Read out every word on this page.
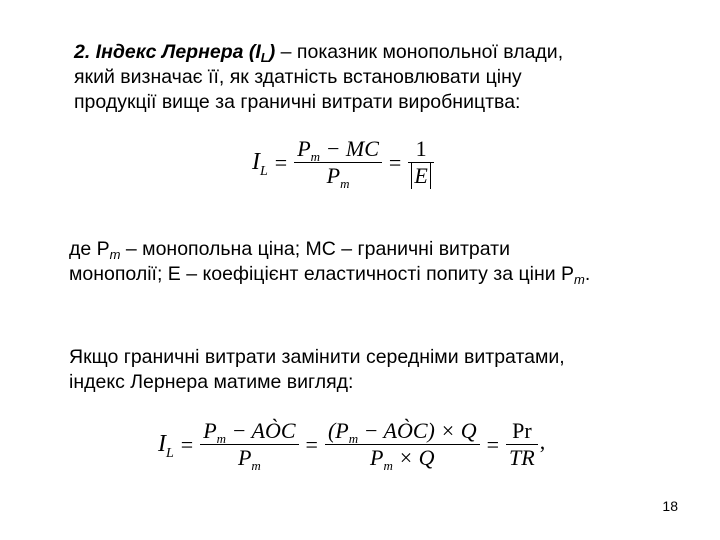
2. Індекс Лернера $(I_L)$ – показник монопольної влади,
який визначає її, як здатність встановлювати ціну
продукції вище за граничні витрати виробництва:
$I_L = \frac{P_m - MC}{P_m} = \frac{1}{E}$
де $P_m$ – монопольна ціна; MC – граничні витрати
монополії; E – коефіцієнт еластичності попиту за ціни $P_m$.
Якщо граничні витрати замінити середніми витратами,
індекс Лернера матиме вигляд:
$I_L = \frac{P_m - AÒC}{P_m} = \frac{(P_m - AÒC) \times Q}{P_m \times Q} = \frac{Pr}{TR}$ ,
18
